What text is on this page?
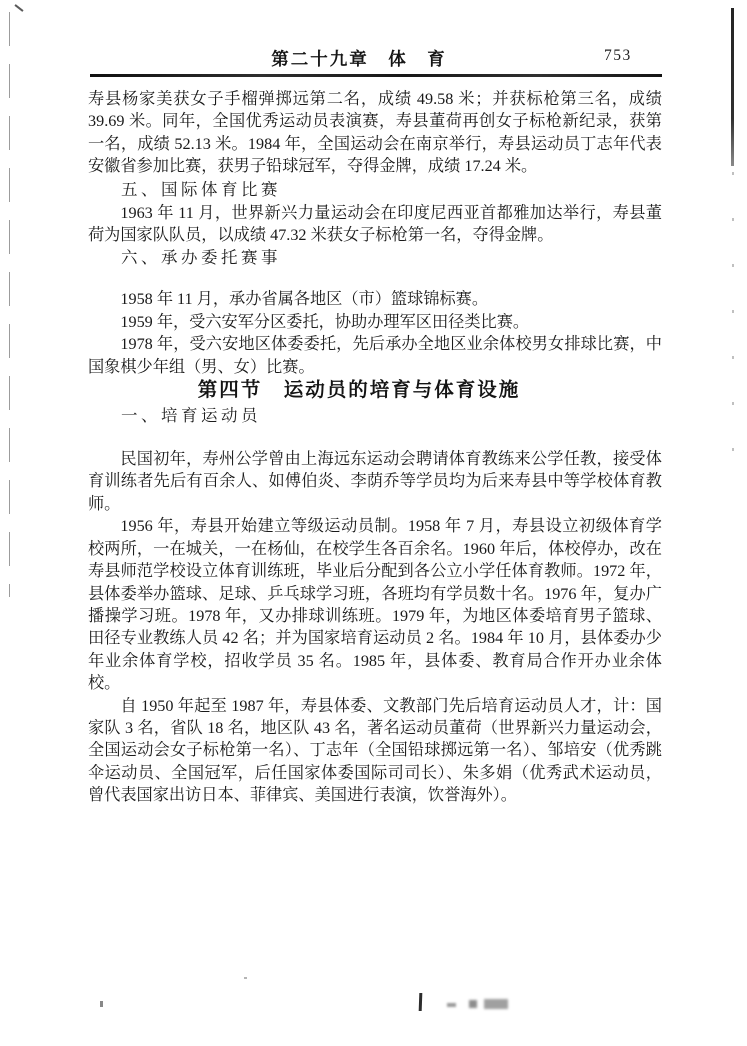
第二十九章　体　育	753

寿县杨家美获女子手榴弹掷远第二名，成绩 49.58 米；并获标枪第三名，成绩 39.69 米。同年，全国优秀运动员表演赛，寿县董荷再创女子标枪新纪录，获第一名，成绩 52.13 米。1984 年，全国运动会在南京举行，寿县运动员丁志年代表安徽省参加比赛，获男子铅球冠军，夺得金牌，成绩 17.24 米。

五、国际体育比赛

1963 年 11 月，世界新兴力量运动会在印度尼西亚首都雅加达举行，寿县董荷为国家队队员，以成绩 47.32 米获女子标枪第一名，夺得金牌。

六、承办委托赛事

1958 年 11 月，承办省属各地区（市）篮球锦标赛。

1959 年，受六安军分区委托，协助办理军区田径类比赛。

1978 年，受六安地区体委委托，先后承办全地区业余体校男女排球比赛，中国象棋少年组（男、女）比赛。

第四节　运动员的培育与体育设施
一、培育运动员

民国初年，寿州公学曾由上海远东运动会聘请体育教练来公学任教，接受体育训练者先后有百余人、如傅伯炎、李荫乔等学员均为后来寿县中等学校体育教师。

1956 年，寿县开始建立等级运动员制。1958 年 7 月，寿县设立初级体育学校两所，一在城关，一在杨仙，在校学生各百余名。1960 年后，体校停办，改在寿县师范学校设立体育训练班，毕业后分配到各公立小学任体育教师。1972 年，县体委举办篮球、足球、乒乓球学习班，各班均有学员数十名。1976 年，复办广播操学习班。1978 年，又办排球训练班。1979 年，为地区体委培育男子篮球、田径专业教练人员 42 名；并为国家培育运动员 2 名。1984 年 10 月，县体委办少年业余体育学校，招收学员 35 名。1985 年，县体委、教育局合作开办业余体校。

自 1950 年起至 1987 年，寿县体委、文教部门先后培育运动员人才，计：国家队 3 名，省队 18 名，地区队 43 名，著名运动员董荷（世界新兴力量运动会，全国运动会女子标枪第一名）、丁志年（全国铅球掷远第一名）、邹培安（优秀跳伞运动员、全国冠军，后任国家体委国际司司长）、朱多娟（优秀武术运动员，曾代表国家出访日本、菲律宾、美国进行表演，饮誉海外）。
